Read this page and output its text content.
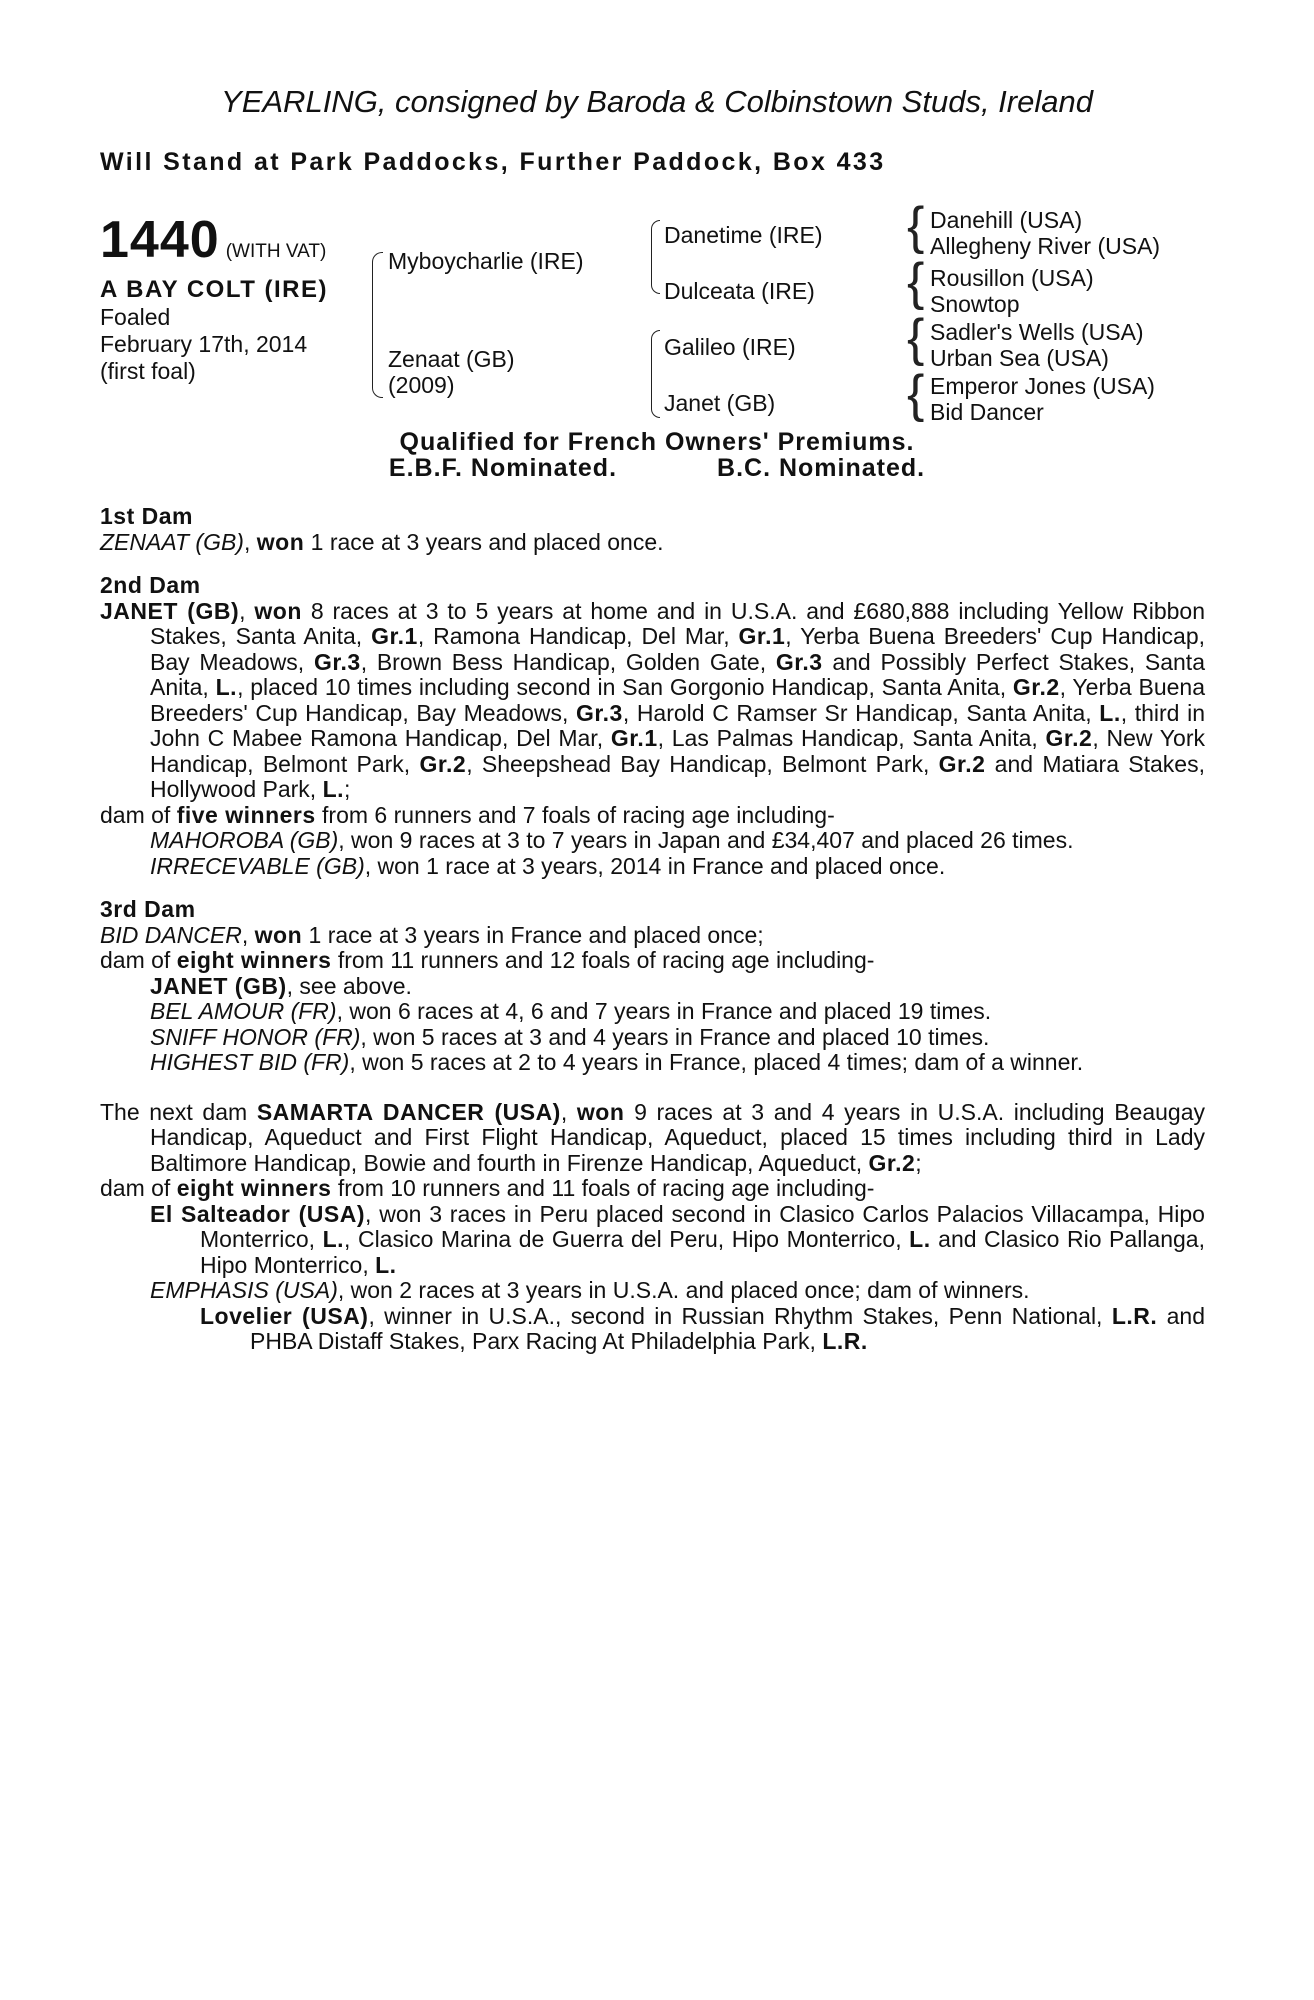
YEARLING, consigned by Baroda & Colbinstown Studs, Ireland
Will Stand at Park Paddocks, Further Paddock, Box 433
1440 (WITH VAT)
A BAY COLT (IRE)
Foaled
February 17th, 2014
(first foal)
Myboycharlie (IRE)
Zenaat (GB)
(2009)
Danetime (IRE)
Dulceata (IRE)
Galileo (IRE)
Janet (GB)
{
{
{
{
Danehill (USA)
Allegheny River (USA)
Rousillon (USA)
Snowtop
Sadler's Wells (USA)
Urban Sea (USA)
Emperor Jones (USA)
Bid Dancer
Qualified for French Owners' Premiums.
E.B.F. Nominated.	B.C. Nominated.
1st Dam

ZENAAT (GB), won 1 race at 3 years and placed once.

2nd Dam

JANET (GB), won 8 races at 3 to 5 years at home and in U.S.A. and £680,888 including Yellow Ribbon Stakes, Santa Anita, Gr.1, Ramona Handicap, Del Mar, Gr.1, Yerba Buena Breeders' Cup Handicap, Bay Meadows, Gr.3, Brown Bess Handicap, Golden Gate, Gr.3 and Possibly Perfect Stakes, Santa Anita, L., placed 10 times including second in San Gorgonio Handicap, Santa Anita, Gr.2, Yerba Buena Breeders' Cup Handicap, Bay Meadows, Gr.3, Harold C Ramser Sr Handicap, Santa Anita, L., third in John C Mabee Ramona Handicap, Del Mar, Gr.1, Las Palmas Handicap, Santa Anita, Gr.2, New York Handicap, Belmont Park, Gr.2, Sheepshead Bay Handicap, Belmont Park, Gr.2 and Matiara Stakes, Hollywood Park, L.;

dam of five winners from 6 runners and 7 foals of racing age including-

MAHOROBA (GB), won 9 races at 3 to 7 years in Japan and £34,407 and placed 26 times.

IRRECEVABLE (GB), won 1 race at 3 years, 2014 in France and placed once.

3rd Dam

BID DANCER, won 1 race at 3 years in France and placed once;

dam of eight winners from 11 runners and 12 foals of racing age including-

JANET (GB), see above.

BEL AMOUR (FR), won 6 races at 4, 6 and 7 years in France and placed 19 times.

SNIFF HONOR (FR), won 5 races at 3 and 4 years in France and placed 10 times.

HIGHEST BID (FR), won 5 races at 2 to 4 years in France, placed 4 times; dam of a winner.

The next dam SAMARTA DANCER (USA), won 9 races at 3 and 4 years in U.S.A. including Beaugay Handicap, Aqueduct and First Flight Handicap, Aqueduct, placed 15 times including third in Lady Baltimore Handicap, Bowie and fourth in Firenze Handicap, Aqueduct, Gr.2;

dam of eight winners from 10 runners and 11 foals of racing age including-

El Salteador (USA), won 3 races in Peru placed second in Clasico Carlos Palacios Villacampa, Hipo Monterrico, L., Clasico Marina de Guerra del Peru, Hipo Monterrico, L. and Clasico Rio Pallanga, Hipo Monterrico, L.

EMPHASIS (USA), won 2 races at 3 years in U.S.A. and placed once; dam of winners.

Lovelier (USA), winner in U.S.A., second in Russian Rhythm Stakes, Penn National, L.R. and PHBA Distaff Stakes, Parx Racing At Philadelphia Park, L.R.
